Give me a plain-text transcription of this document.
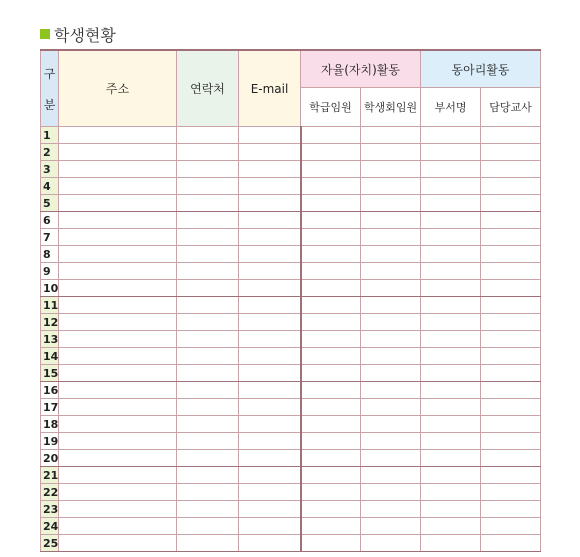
학생현황
구
분	주소	연락처	E-mail	자율(자치)활동		동아리활동	
				학급임원	학생회임원	부서명	담당교사
1							
2							
3							
4							
5							
6							
7							
8							
9							
10							
11							
12							
13							
14							
15							
16							
17							
18							
19							
20							
21							
22							
23							
24							
25							
